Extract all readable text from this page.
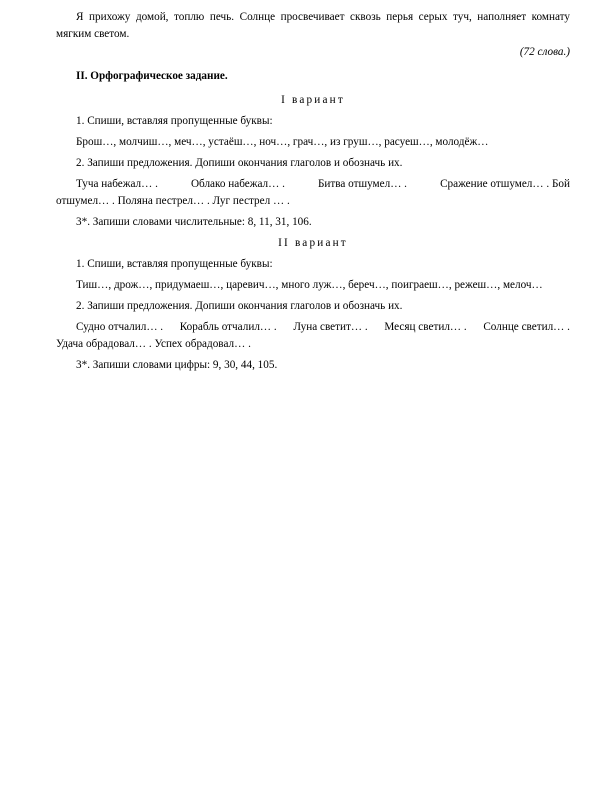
Я прихожу домой, топлю печь. Солнце просвечивает сквозь перья серых туч, наполняет комнату

мягким светом.

(72 слова.)

II. Орфографическое задание.

I вариант

1. Спиши, вставляя пропущенные буквы:

Брош…, молчиш…, меч…, устаёш…, ноч…, грач…, из груш…, расуеш…, молодёж…

2. Запиши предложения. Допиши окончания глаголов и обозначь их.

Туча набежал… .	Облако набежал… .	Битва отшумел… .	Сражение отшумел… . Бой

отшумел… . Поляна пестрел… . Луг пестрел … .

3*. Запиши словами числительные: 8, 11, 31, 106.

II вариант

1. Спиши, вставляя пропущенные буквы:

Тиш…, дрож…, придумаеш…, царевич…, много луж…, береч…, поиграеш…, режеш…, мелоч…

2. Запиши предложения. Допиши окончания глаголов и обозначь их.

Судно отчалил… . Корабль отчалил… . Луна светит… . Месяц светил… . Солнце светил… .

Удача обрадовал… . Успех обрадовал… .

3*. Запиши словами цифры: 9, 30, 44, 105.
